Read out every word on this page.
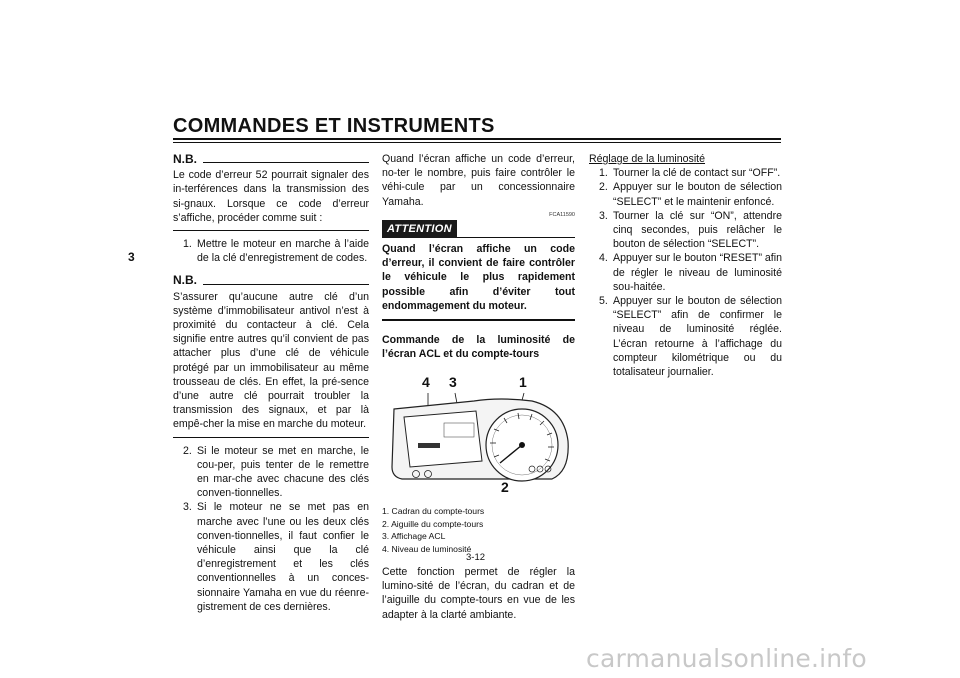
COMMANDES ET INSTRUMENTS
3
N.B.

Le code d’erreur 52 pourrait signaler des in-terférences dans la transmission des si-gnaux. Lorsque ce code d’erreur s’affiche, procéder comme suit :

1. Mettre le moteur en marche à l’aide de la clé d’enregistrement de codes.
N.B.

S’assurer qu’aucune autre clé d’un système d’immobilisateur antivol n’est à proximité du contacteur à clé. Cela signifie entre autres qu’il convient de pas attacher plus d’une clé de véhicule protégé par un immobilisateur au même trousseau de clés. En effet, la pré-sence d’une autre clé pourrait troubler la transmission des signaux, et par là empê-cher la mise en marche du moteur.

2. Si le moteur se met en marche, le cou-per, puis tenter de le remettre en mar-che avec chacune des clés conven-tionnelles.
3. Si le moteur ne se met pas en marche avec l’une ou les deux clés conven-tionnelles, il faut confier le véhicule ainsi que la clé d’enregistrement et les clés conventionnelles à un conces-sionnaire Yamaha en vue du réenre-gistrement de ces dernières.

Quand l’écran affiche un code d’erreur, no-ter le nombre, puis faire contrôler le véhi-cule par un concessionnaire Yamaha.

FCA11590
ATTENTION

Quand l’écran affiche un code d’erreur, il convient de faire contrôler le véhicule le plus rapidement possible afin d’éviter tout endommagement du moteur.

Commande de la luminosité de l’écran ACL et du compte-tours

4 3	1
2
1. Cadran du compte-tours
2. Aiguille du compte-tours
3. Affichage ACL
4. Niveau de luminosité

Cette fonction permet de régler la lumino-sité de l’écran, du cadran et de l’aiguille du compte-tours en vue de les adapter à la clarté ambiante.

Réglage de la luminosité
1. Tourner la clé de contact sur “OFF”.
2. Appuyer sur le bouton de sélection “SELECT” et le maintenir enfoncé.
3. Tourner la clé sur “ON”, attendre cinq secondes, puis relâcher le bouton de sélection “SELECT”.
4. Appuyer sur le bouton “RESET” afin de régler le niveau de luminosité sou-haitée.
5. Appuyer sur le bouton de sélection “SELECT” afin de confirmer le niveau de luminosité réglée. L’écran retourne à l’affichage du compteur kilométrique ou du totalisateur journalier.
3-12
carmanualsonline.info
